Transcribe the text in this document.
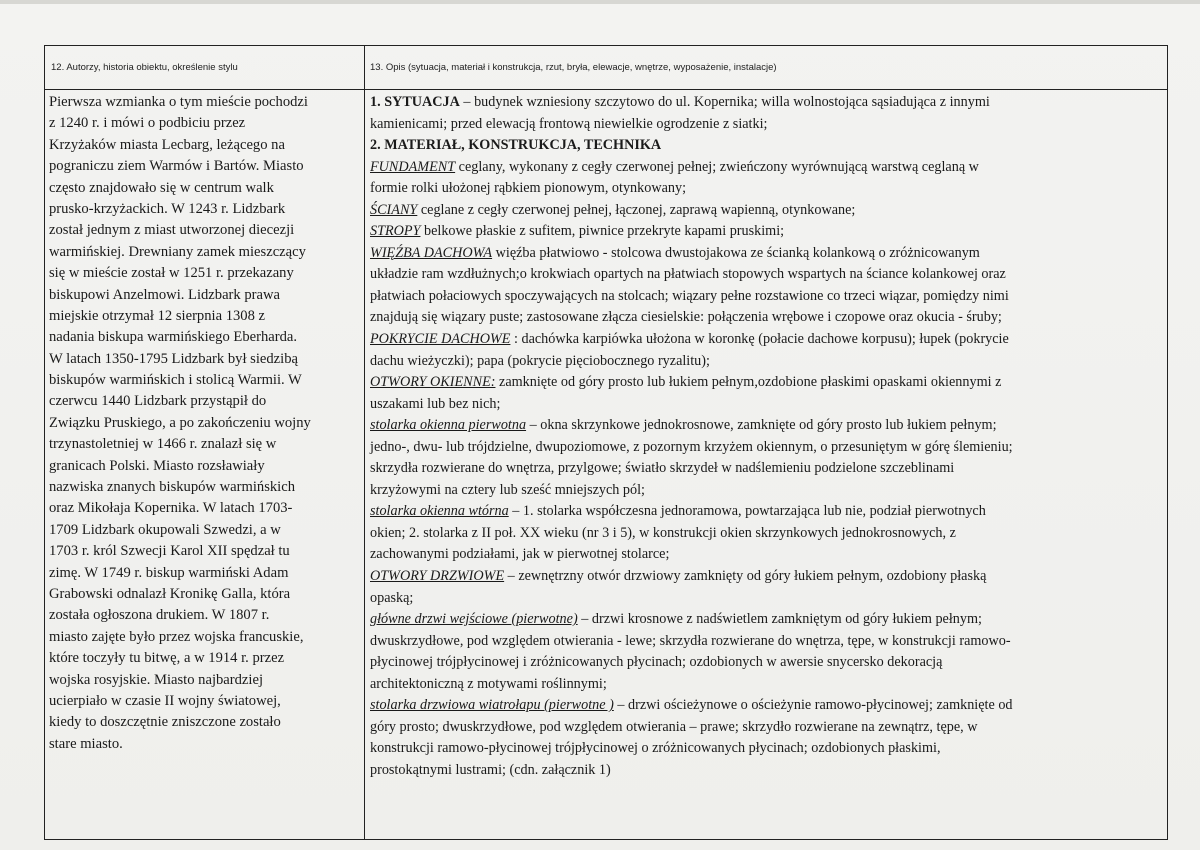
12. Autorzy, historia obiektu, określenie stylu	13. Opis (sytuacja, materiał i konstrukcja, rzut, bryła, elewacje, wnętrze, wyposażenie, instalacje)
Pierwsza wzmianka o tym mieście pochodzi
z 1240 r. i mówi o podbiciu przez
Krzyżaków miasta Lecbarg, leżącego na
pograniczu ziem Warmów i Bartów. Miasto
często znajdowało się w centrum walk
prusko-krzyżackich. W 1243 r. Lidzbark
został jednym z miast utworzonej diecezji
warmińskiej. Drewniany zamek mieszczący
się w mieście został w 1251 r. przekazany
biskupowi Anzelmowi. Lidzbark prawa
miejskie otrzymał 12 sierpnia 1308 z
nadania biskupa warmińskiego Eberharda.
W latach 1350-1795 Lidzbark był siedzibą
biskupów warmińskich i stolicą Warmii. W
czerwcu 1440 Lidzbark przystąpił do
Związku Pruskiego, a po zakończeniu wojny
trzynastoletniej w 1466 r. znalazł się w
granicach Polski. Miasto rozsławiały
nazwiska znanych biskupów warmińskich
oraz Mikołaja Kopernika. W latach 1703-
1709 Lidzbark okupowali Szwedzi, a w
1703 r. król Szwecji Karol XII spędzał tu
zimę. W 1749 r. biskup warmiński Adam
Grabowski odnalazł Kronikę Galla, która
została ogłoszona drukiem. W 1807 r.
miasto zajęte było przez wojska francuskie,
które toczyły tu bitwę, a w 1914 r. przez
wojska rosyjskie. Miasto najbardziej
ucierpiało w czasie II wojny światowej,
kiedy to doszczętnie zniszczone zostało
stare miasto.
1. SYTUACJA – budynek wzniesiony szczytowo do ul. Kopernika; willa wolnostojąca sąsiadująca z innymi
kamienicami; przed elewacją frontową niewielkie ogrodzenie z siatki;
2. MATERIAŁ, KONSTRUKCJA, TECHNIKA
FUNDAMENT ceglany, wykonany z cegły czerwonej pełnej; zwieńczony wyrównującą warstwą ceglaną w
formie rolki ułożonej rąbkiem pionowym, otynkowany;
ŚCIANY ceglane z cegły czerwonej pełnej, łączonej, zaprawą wapienną, otynkowane;
STROPY belkowe płaskie z sufitem, piwnice przekryte kapami pruskimi;
WIĘŹBA DACHOWA więźba płatwiowo - stolcowa dwustojakowa ze ścianką kolankową o zróżnicowanym
układzie ram wzdłużnych;o krokwiach opartych na płatwiach stopowych wspartych na ściance kolankowej oraz
płatwiach połaciowych spoczywających na stolcach; wiązary pełne rozstawione co trzeci wiązar, pomiędzy nimi
znajdują się wiązary puste; zastosowane złącza ciesielskie: połączenia wrębowe i czopowe oraz okucia - śruby;
POKRYCIE DACHOWE : dachówka karpiówka ułożona w koronkę (połacie dachowe korpusu); łupek (pokrycie
dachu wieżyczki); papa (pokrycie pięciobocznego ryzalitu);
OTWORY OKIENNE: zamknięte od góry prosto lub łukiem pełnym,ozdobione płaskimi opaskami okiennymi z
uszakami lub bez nich;
stolarka okienna pierwotna – okna skrzynkowe jednokrosnowe, zamknięte od góry prosto lub łukiem pełnym;
jedno-, dwu- lub trójdzielne, dwupoziomowe, z pozornym krzyżem okiennym, o przesuniętym w górę ślemieniu;
skrzydła rozwierane do wnętrza, przylgowe; światło skrzydeł w nadślemieniu podzielone szczeblinami
krzyżowymi na cztery lub sześć mniejszych pól;
stolarka okienna wtórna – 1. stolarka współczesna jednoramowa, powtarzająca lub nie, podział pierwotnych
okien; 2. stolarka z II poł. XX wieku (nr 3 i 5), w konstrukcji okien skrzynkowych jednokrosnowych, z
zachowanymi podziałami, jak w pierwotnej stolarce;
OTWORY DRZWIOWE – zewnętrzny otwór drzwiowy zamknięty od góry łukiem pełnym, ozdobiony płaską
opaską;
główne drzwi wejściowe (pierwotne) – drzwi krosnowe z nadświetlem zamkniętym od góry łukiem pełnym;
dwuskrzydłowe, pod względem otwierania - lewe; skrzydła rozwierane do wnętrza, tępe, w konstrukcji ramowo-
płycinowej trójpłycinowej i zróżnicowanych płycinach; ozdobionych w awersie snycersko dekoracją
architektoniczną z motywami roślinnymi;
stolarka drzwiowa wiatrołapu (pierwotne ) – drzwi ościeżynowe o ościeżynie ramowo-płycinowej; zamknięte od
góry prosto; dwuskrzydłowe, pod względem otwierania – prawe; skrzydło rozwierane na zewnątrz, tępe, w
konstrukcji ramowo-płycinowej trójpłycinowej o zróżnicowanych płycinach; ozdobionych płaskimi,
prostokątnymi lustrami; (cdn. załącznik 1)
